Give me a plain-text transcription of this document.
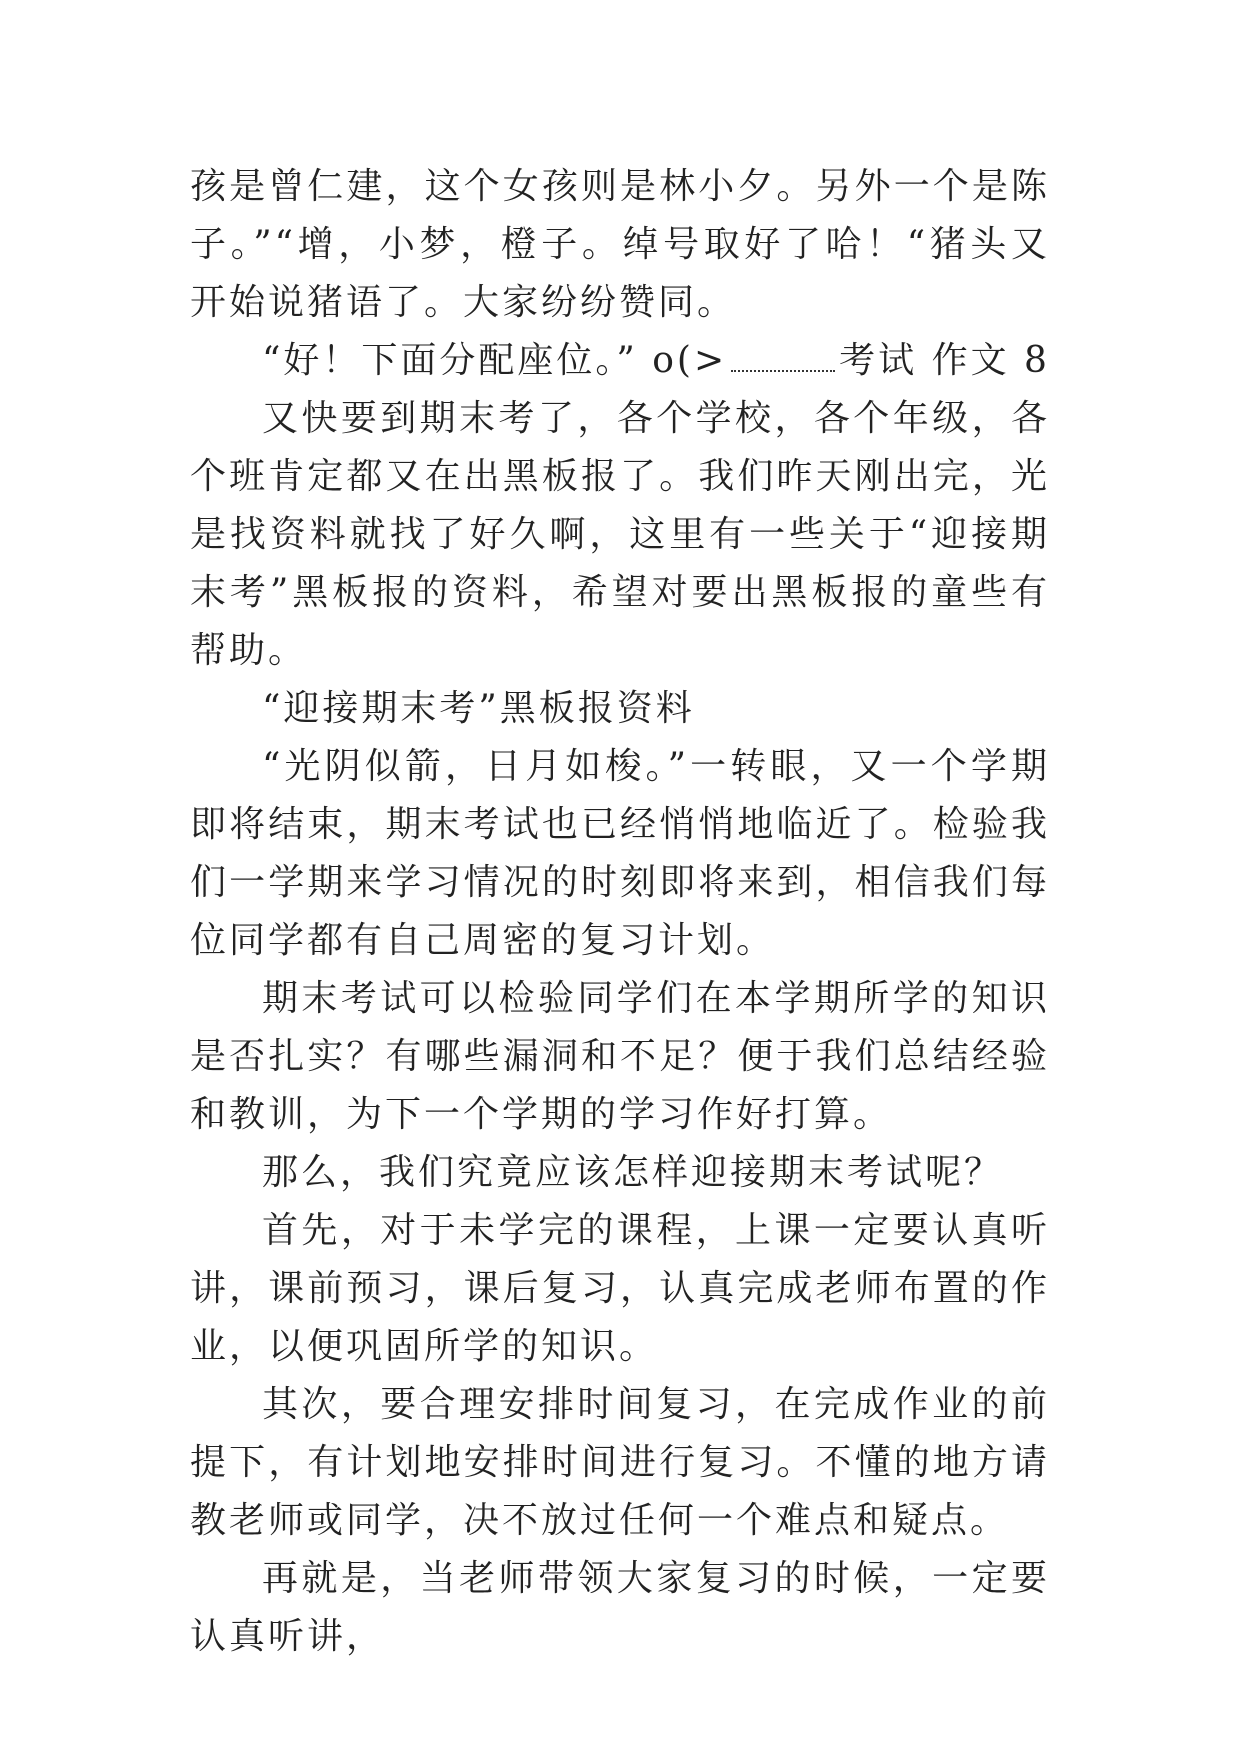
孩是曾仁建，这个女孩则是林小夕。另外一个是陈子。”“增，小梦，橙子。绰号取好了哈！“猪头又开始说猪语了。大家纷纷赞同。

“好！下面分配座位。” o(>	考试 作文 8

又快要到期末考了，各个学校，各个年级，各个班肯定都又在出黑板报了。我们昨天刚出完，光是找资料就找了好久啊，这里有一些关于“迎接期末考”黑板报的资料，希望对要出黑板报的童些有帮助。

“迎接期末考”黑板报资料

“光阴似箭，日月如梭。”一转眼，又一个学期即将结束，期末考试也已经悄悄地临近了。检验我们一学期来学习情况的时刻即将来到，相信我们每位同学都有自己周密的复习计划。

期末考试可以检验同学们在本学期所学的知识是否扎实？有哪些漏洞和不足？便于我们总结经验和教训，为下一个学期的学习作好打算。

那么，我们究竟应该怎样迎接期末考试呢？

首先，对于未学完的课程，上课一定要认真听讲，课前预习，课后复习，认真完成老师布置的作业，以便巩固所学的知识。

其次，要合理安排时间复习，在完成作业的前提下，有计划地安排时间进行复习。不懂的地方请教老师或同学，决不放过任何一个难点和疑点。

再就是，当老师带领大家复习的时候，一定要认真听讲，
